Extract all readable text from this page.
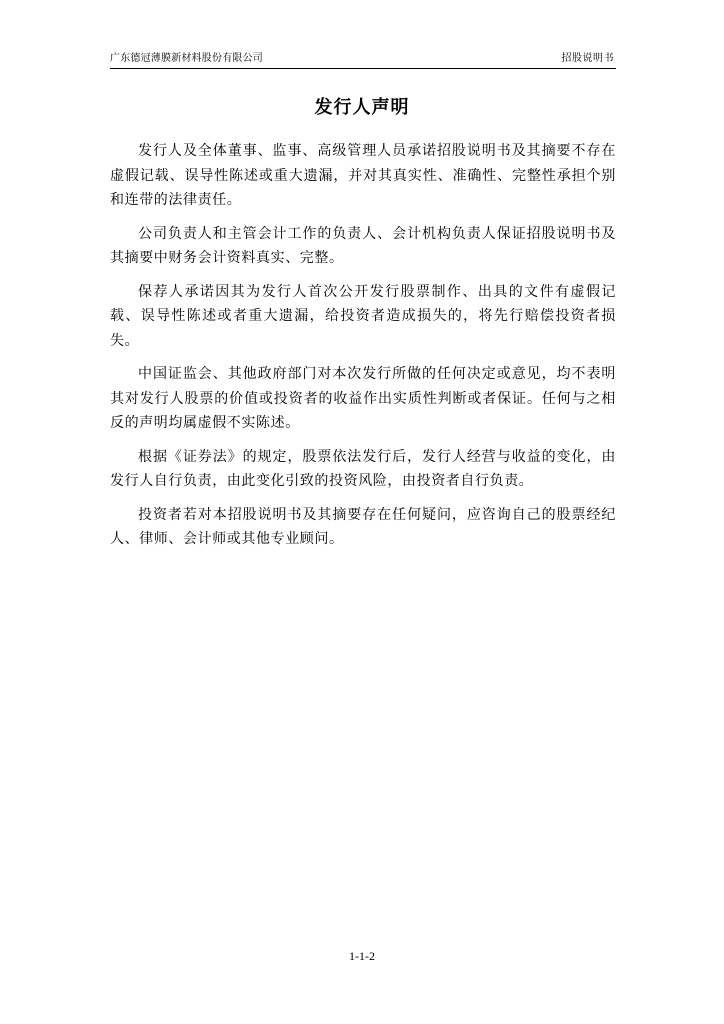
广东德冠薄膜新材料股份有限公司	招股说明书
发行人声明

发行人及全体董事、监事、高级管理人员承诺招股说明书及其摘要不存在虚假记载、误导性陈述或重大遗漏，并对其真实性、准确性、完整性承担个别和连带的法律责任。

公司负责人和主管会计工作的负责人、会计机构负责人保证招股说明书及其摘要中财务会计资料真实、完整。

保荐人承诺因其为发行人首次公开发行股票制作、出具的文件有虚假记载、误导性陈述或者重大遗漏，给投资者造成损失的，将先行赔偿投资者损失。

中国证监会、其他政府部门对本次发行所做的任何决定或意见，均不表明其对发行人股票的价值或投资者的收益作出实质性判断或者保证。任何与之相反的声明均属虚假不实陈述。

根据《证券法》的规定，股票依法发行后，发行人经营与收益的变化，由发行人自行负责，由此变化引致的投资风险，由投资者自行负责。

投资者若对本招股说明书及其摘要存在任何疑问，应咨询自己的股票经纪人、律师、会计师或其他专业顾问。

1-1-2
